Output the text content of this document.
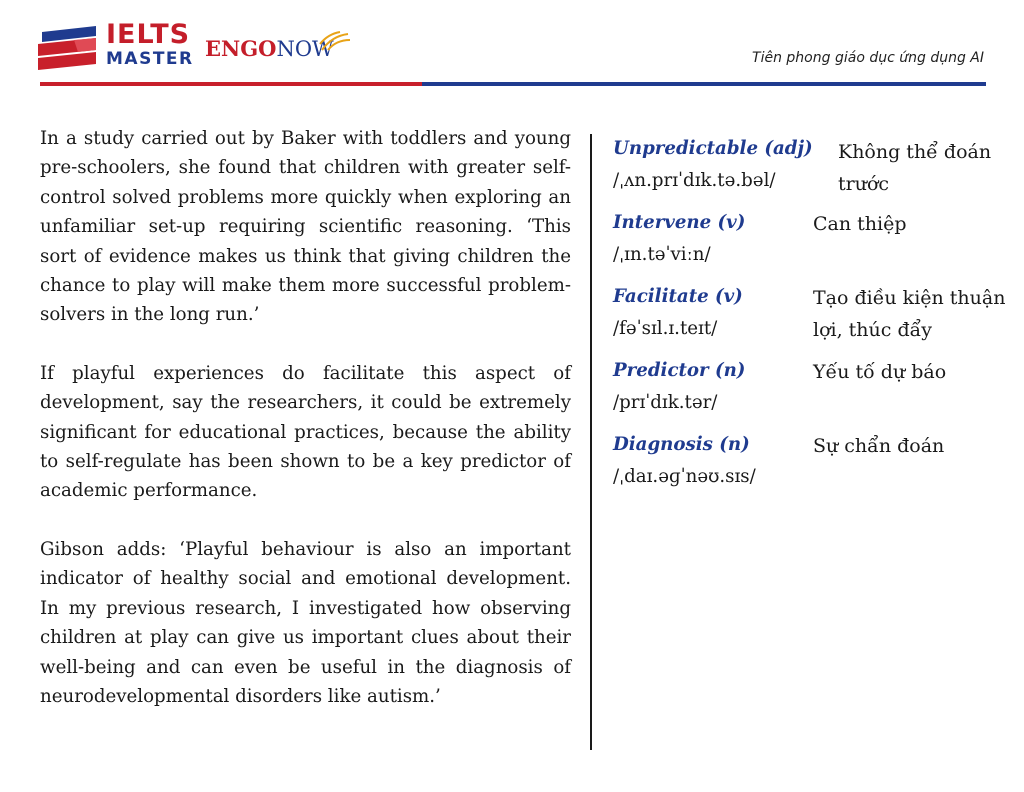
IELTS
MASTER ENGONOW	Tiên phong giáo dục ứng dụng AI

In a study carried out by Baker with toddlers and young pre-schoolers, she found that children with greater self-control solved problems more quickly when exploring an unfamiliar set-up requiring scientific reasoning. ‘This sort of evidence makes us think that giving children the chance to play will make them more successful problem-solvers in the long run.’

If playful experiences do facilitate this aspect of development, say the researchers, it could be extremely significant for educational practices, because the ability to self-regulate has been shown to be a key predictor of academic performance.

Gibson adds: ‘Playful behaviour is also an important indicator of healthy social and emotional development. In my previous research, I investigated how observing children at play can give us important clues about their well-being and can even be useful in the diagnosis of neurodevelopmental disorders like autism.’

Unpredictable (adj)
/ˌʌn.prɪˈdɪk.tə.bəl/
Không thể đoán trước
Intervene (v)
/ˌɪn.təˈviːn/
Can thiệp
Facilitate (v)
/fəˈsɪl.ɪ.teɪt/
Tạo điều kiện thuận lợi, thúc đẩy
Predictor (n)
/prɪˈdɪk.tər/
Yếu tố dự báo
Diagnosis (n)
/ˌdaɪ.əɡˈnəʊ.sɪs/
Sự chẩn đoán
